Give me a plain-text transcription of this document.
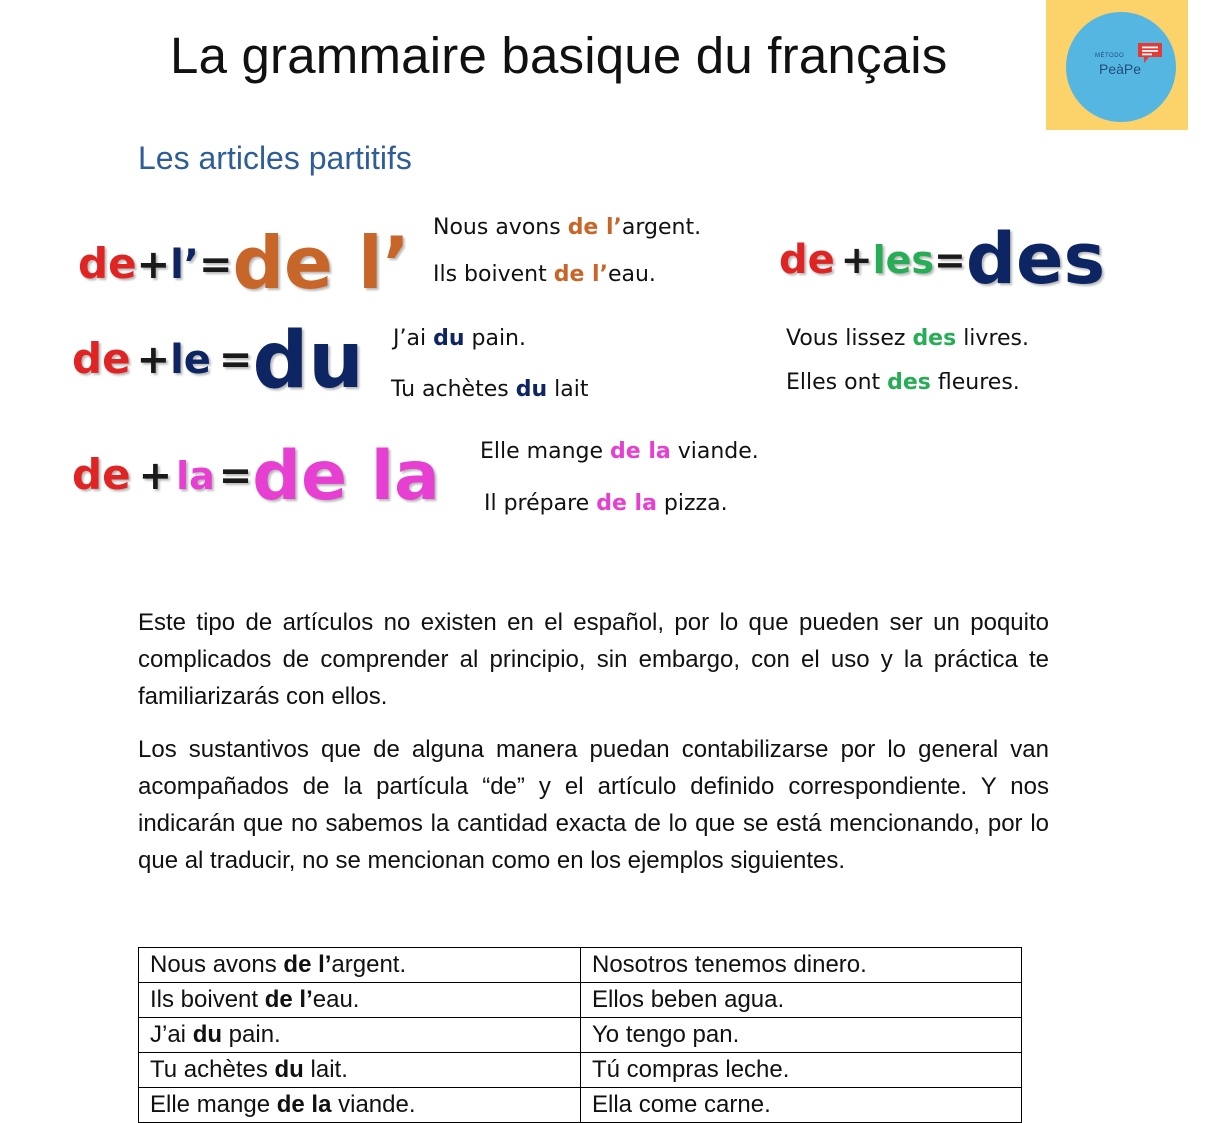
La grammaire basique du français	MÉTODO
PeàPe
Les articles partitifs
de+l’=de l’ Nous avons de l’argent.
Ils boivent de l’eau.
de +le =du J’ai du pain.
Tu achètes du lait
de + la =de la Elle mange de la viande.
Il prépare de la pizza.
de +les=des
Vous lissez des livres.
Elles ont des fleures.

Este tipo de artículos no existen en el español, por lo que pueden ser un poquito complicados de comprender al principio, sin embargo, con el uso y la práctica te familiarizarás con ellos.

Los sustantivos que de alguna manera puedan contabilizarse por lo general van acompañados de la partícula “de” y el artículo definido correspondiente. Y nos indicarán que no sabemos la cantidad exacta de lo que se está mencionando, por lo que al traducir, no se mencionan como en los ejemplos siguientes.

Nous avons de l’argent.	Nosotros tenemos dinero.
Ils boivent de l’eau.	Ellos beben agua.
J’ai du pain.	Yo tengo pan.
Tu achètes du lait.	Tú compras leche.
Elle mange de la viande.	Ella come carne.
